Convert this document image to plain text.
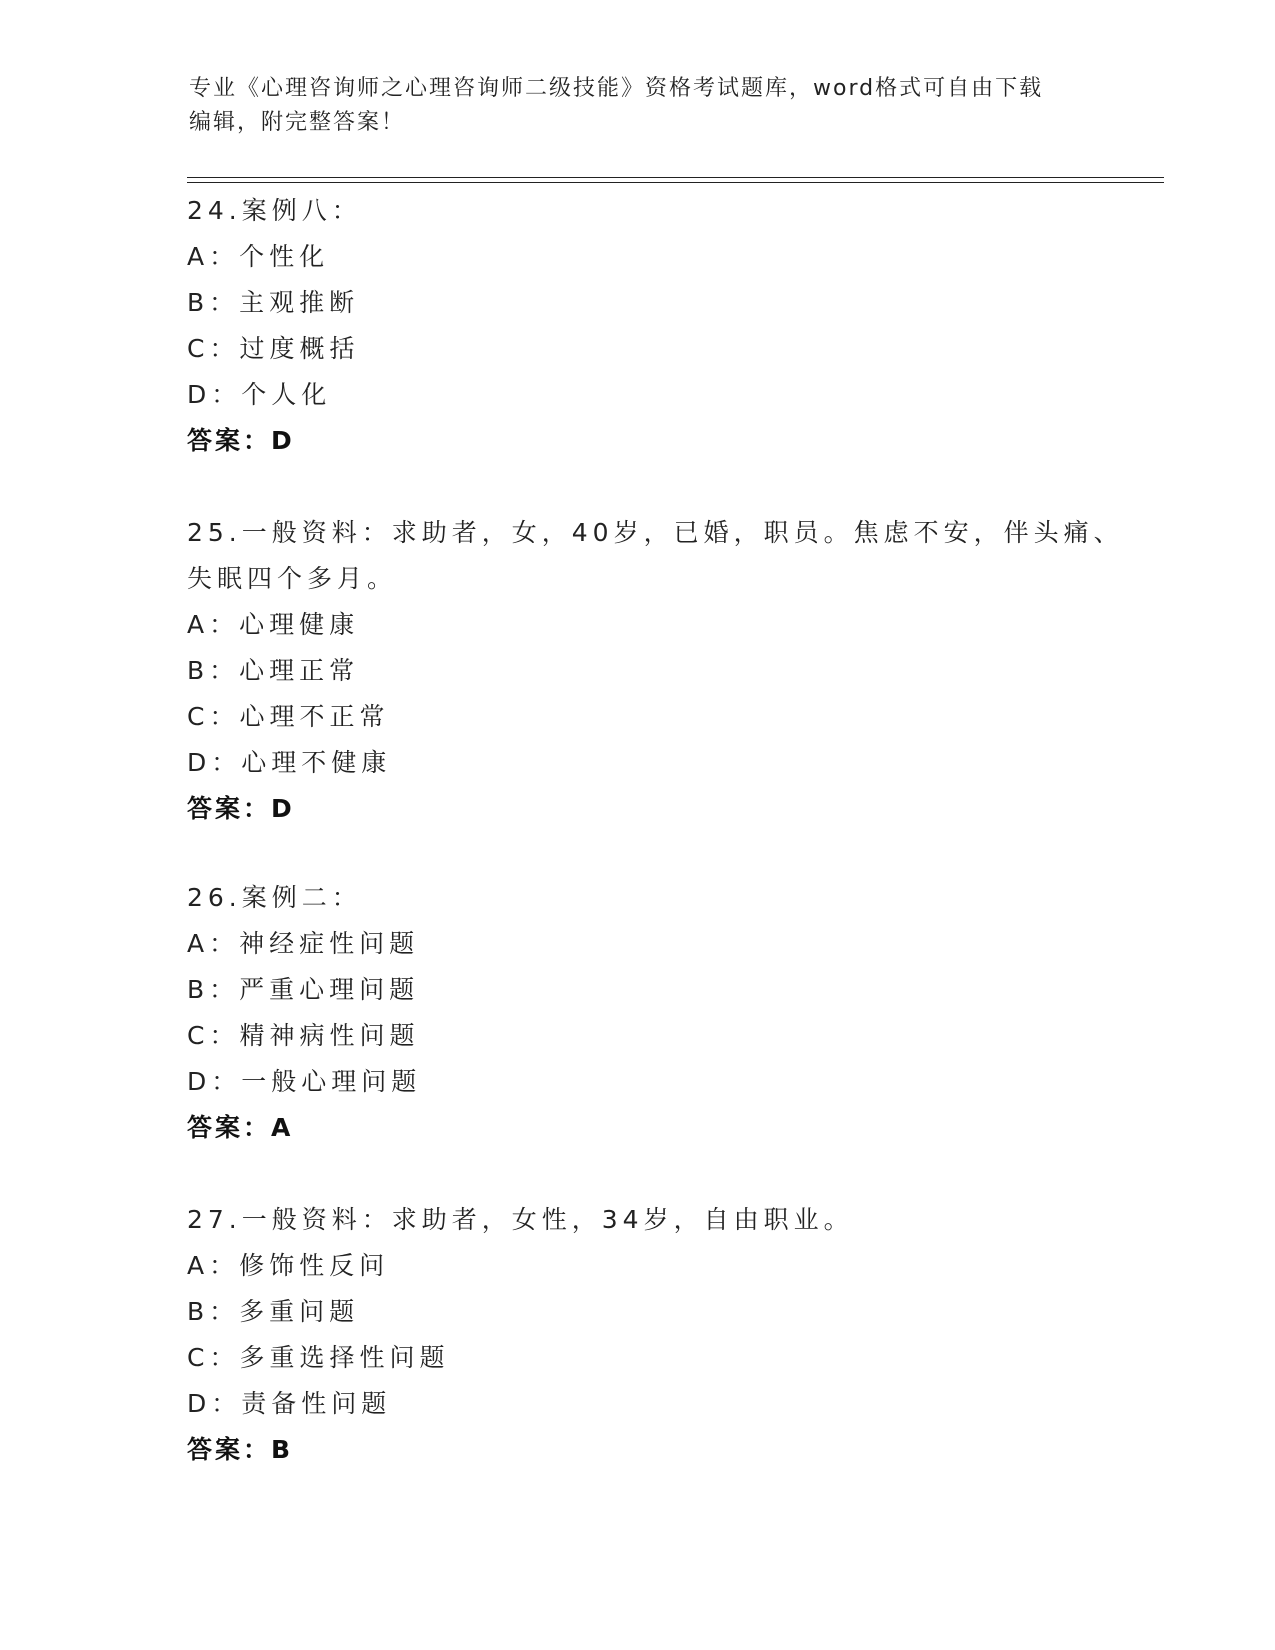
专业《心理咨询师之心理咨询师二级技能》资格考试题库，word格式可自由下载
编辑，附完整答案！
24.案例八：
A：个性化
B：主观推断
C：过度概括
D：个人化
答案：D
25.一般资料：求助者，女，40岁，已婚，职员。焦虑不安，伴头痛、
失眠四个多月。
A：心理健康
B：心理正常
C：心理不正常
D：心理不健康
答案：D
26.案例二：
A：神经症性问题
B：严重心理问题
C：精神病性问题
D：一般心理问题
答案：A
27.一般资料：求助者，女性，34岁，自由职业。
A：修饰性反问
B：多重问题
C：多重选择性问题
D：责备性问题
答案：B
